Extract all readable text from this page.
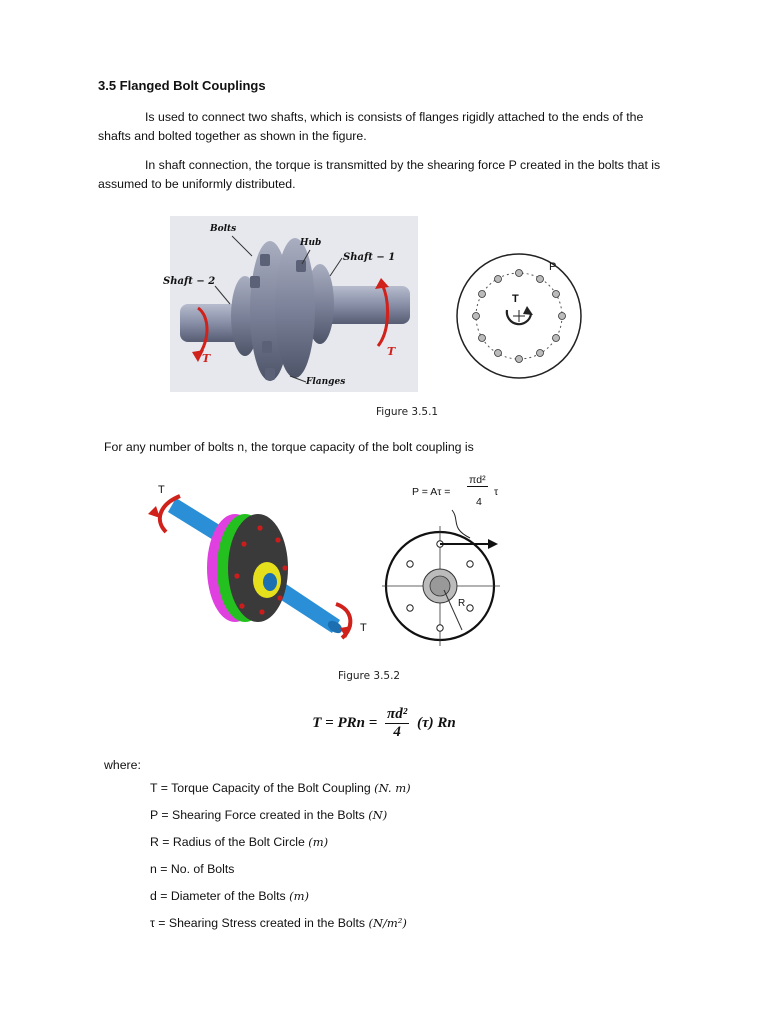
3.5 Flanged Bolt Couplings
Is used to connect two shafts, which is consists of flanges rigidly attached to the ends of the shafts and bolted together as shown in the figure.
In shaft connection, the torque is transmitted by the shearing force P created in the bolts that is assumed to be uniformly distributed.
Bolts
Hub
Shaft − 1
Shaft − 2
Flanges
T
T
T
P
Figure 3.5.1
For any number of bolts n, the torque capacity of the bolt coupling is
T
T
P = Aτ =
πd²
4
τ
R
Figure 3.5.2
T = PRn = $\frac{\text{πd²}}{4} (\tau)$ Rn
where:
T = Torque Capacity of the Bolt Coupling (N. m)
P = Shearing Force created in the Bolts (N)
R = Radius of the Bolt Circle (m)
n = No. of Bolts
d = Diameter of the Bolts (m)
τ = Shearing Stress created in the Bolts (N/m²)
